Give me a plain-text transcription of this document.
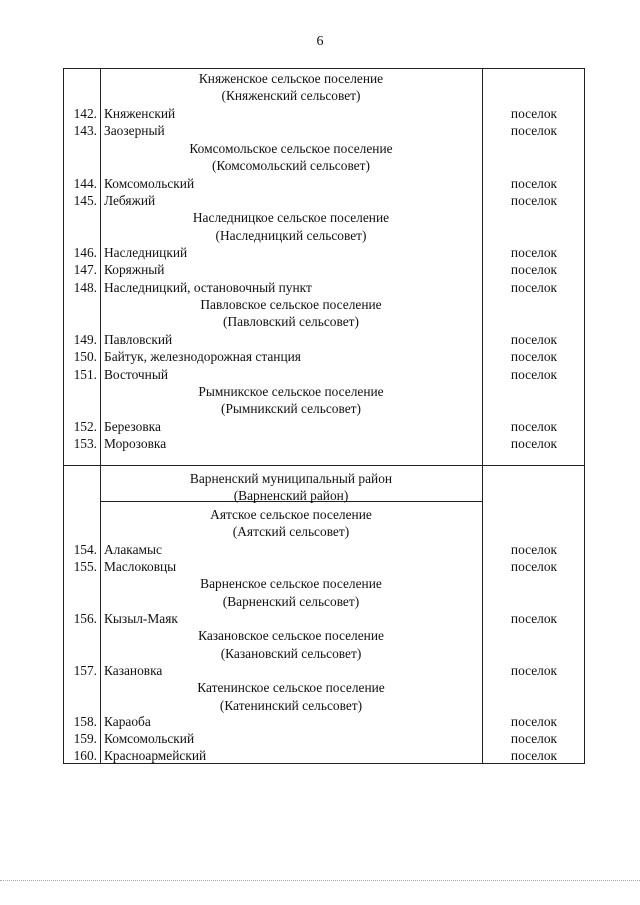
6
Княженское сельское поселение
(Княженский сельсовет)
142. Княженский	поселок
143. Заозерный	поселок
Комсомольское сельское поселение
(Комсомольский сельсовет)
144. Комсомольский	поселок
145. Лебяжий	поселок
Наследницкое сельское поселение
(Наследницкий сельсовет)
146. Наследницкий	поселок
147. Коряжный	поселок
148. Наследницкий, остановочный пункт	поселок
Павловское сельское поселение
(Павловский сельсовет)
149. Павловский	поселок
150. Байтук, железнодорожная станция	поселок
151. Восточный	поселок
Рымникское сельское поселение
(Рымникский сельсовет)
152. Березовка	поселок
153. Морозовка	поселок
Варненский муниципальный район
(Варненский район)
Аятское сельское поселение
(Аятский сельсовет)
154. Алакамыс	поселок
155. Маслоковцы	поселок
Варненское сельское поселение
(Варненский сельсовет)
156. Кызыл-Маяк	поселок
Казановское сельское поселение
(Казановский сельсовет)
157. Казановка	поселок
Катенинское сельское поселение
(Катенинский сельсовет)
158. Караоба	поселок
159. Комсомольский	поселок
160. Красноармейский	поселок
